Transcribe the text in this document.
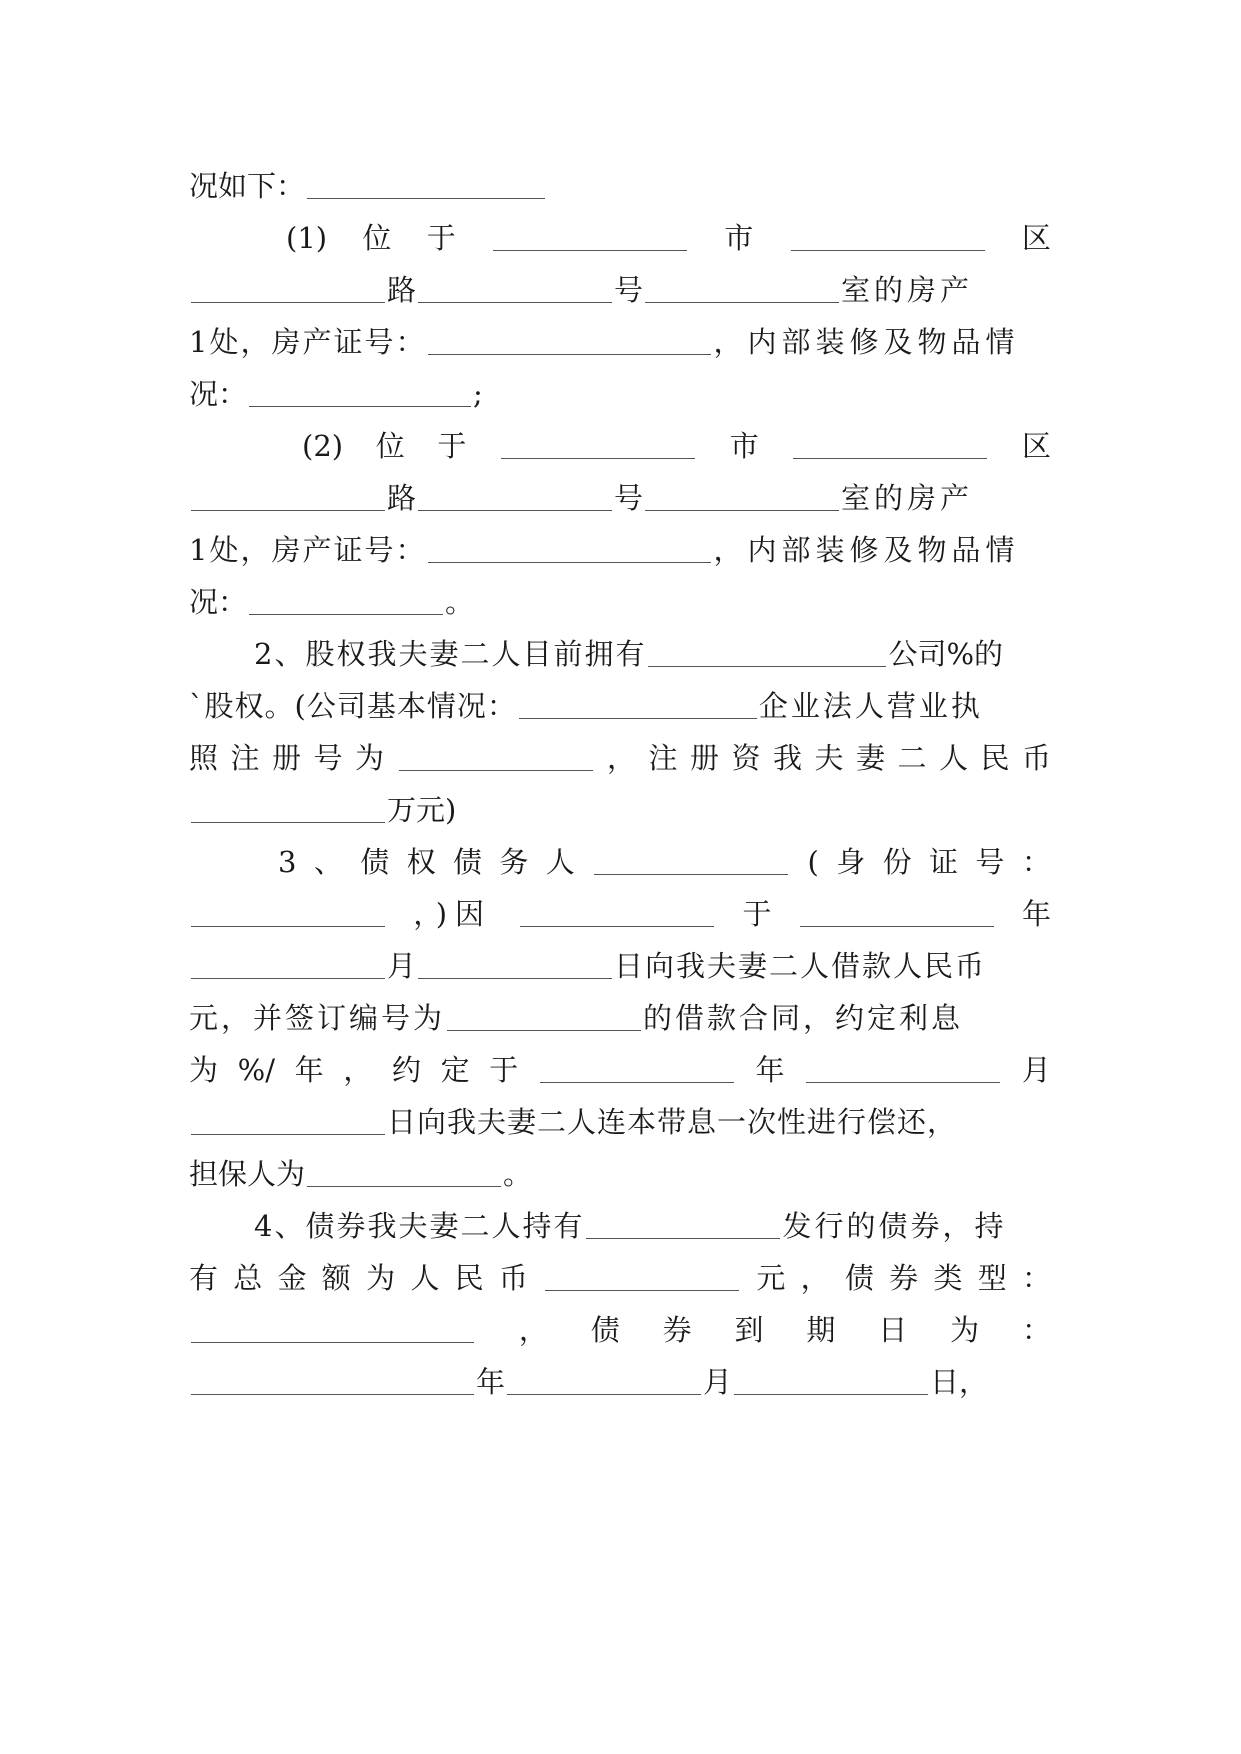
况如下：
(1) 位 于	市	区
路	号	室的房产
1处，房产证号：	，内部装修及物品情
况：	;
(2) 位 于	市	区
路	号	室的房产
1处，房产证号：	，内部装修及物品情
况：	。
2、股权我夫妻二人目前拥有	公司%的
`股权。(公司基本情况：	企业法人营业执
照 注 册 号 为	， 注 册 资 我 夫 妻 二 人 民 币
万元)
3 、 债 权 债 务 人	( 身 份 证 号 ：
，)因	于	年
月	日向我夫妻二人借款人民币
元，并签订编号为	的借款合同，约定利息
为 %/ 年 ， 约 定 于	年	月
日向我夫妻二人连本带息一次性进行偿还，
担保人为	。
4、债券我夫妻二人持有	发行的债券，持
有 总 金 额 为 人 民 币	元 ， 债 券 类 型 ：
， 债 券 到 期 日 为 ：
年	月	日，
